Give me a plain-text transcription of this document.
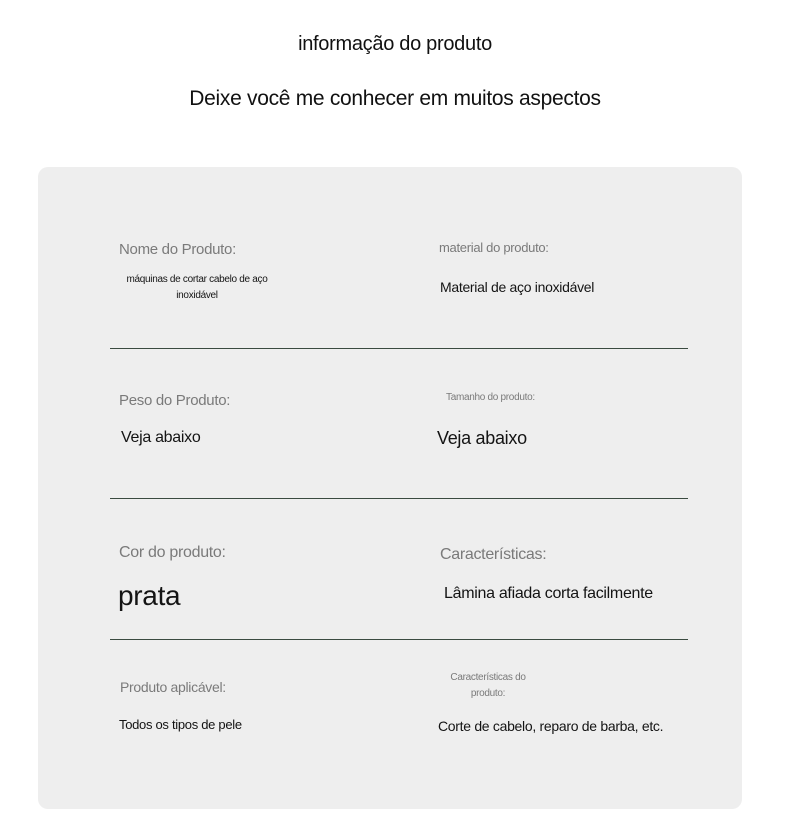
informação do produto
Deixe você me conhecer em muitos aspectos
Nome do Produto:
máquinas de cortar cabelo de aço inoxidável
material do produto:
Material de aço inoxidável
Peso do Produto:
Veja abaixo
Tamanho do produto:
Veja abaixo
Cor do produto:
prata
Características:
Lâmina afiada corta facilmente
Produto aplicável:
Todos os tipos de pele
Características do produto:
Corte de cabelo, reparo de barba, etc.
